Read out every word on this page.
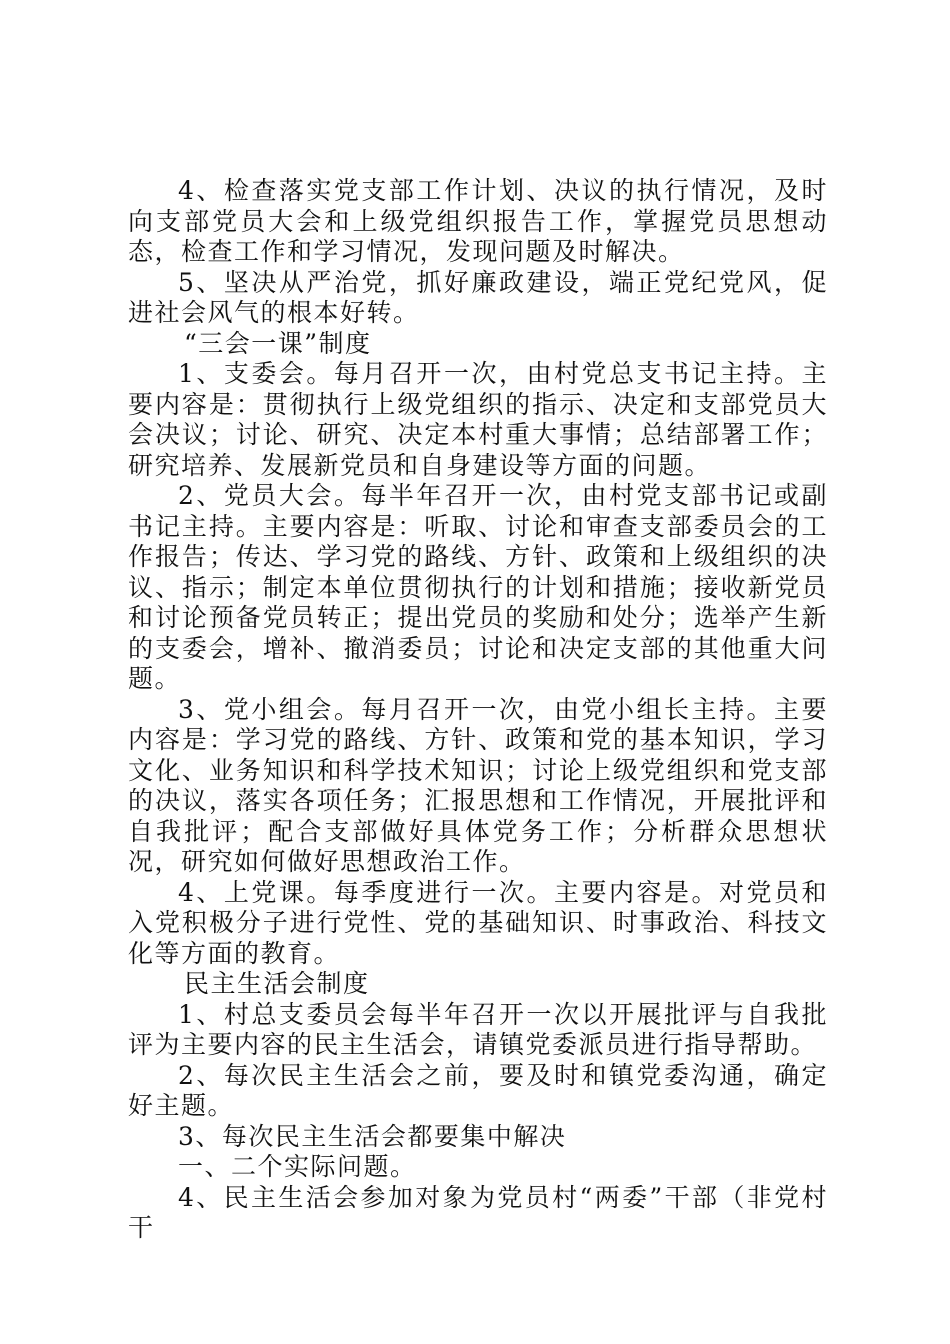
4、检查落实党支部工作计划、决议的执行情况，及时向支部党员大会和上级党组织报告工作，掌握党员思想动态，检查工作和学习情况，发现问题及时解决。

5、坚决从严治党，抓好廉政建设，端正党纪党风，促进社会风气的根本好转。

“三会一课”制度

1、支委会。每月召开一次，由村党总支书记主持。主要内容是：贯彻执行上级党组织的指示、决定和支部党员大会决议；讨论、研究、决定本村重大事情；总结部署工作；研究培养、发展新党员和自身建设等方面的问题。

2、党员大会。每半年召开一次，由村党支部书记或副书记主持。主要内容是：听取、讨论和审查支部委员会的工作报告；传达、学习党的路线、方针、政策和上级组织的决议、指示；制定本单位贯彻执行的计划和措施；接收新党员和讨论预备党员转正；提出党员的奖励和处分；选举产生新的支委会，增补、撤消委员；讨论和决定支部的其他重大问题。

3、党小组会。每月召开一次，由党小组长主持。主要内容是：学习党的路线、方针、政策和党的基本知识，学习文化、业务知识和科学技术知识；讨论上级党组织和党支部的决议，落实各项任务；汇报思想和工作情况，开展批评和自我批评；配合支部做好具体党务工作；分析群众思想状况，研究如何做好思想政治工作。

4、上党课。每季度进行一次。主要内容是。对党员和入党积极分子进行党性、党的基础知识、时事政治、科技文化等方面的教育。

民主生活会制度

1、村总支委员会每半年召开一次以开展批评与自我批评为主要内容的民主生活会，请镇党委派员进行指导帮助。

2、每次民主生活会之前，要及时和镇党委沟通，确定好主题。

3、每次民主生活会都要集中解决

一、二个实际问题。

4、民主生活会参加对象为党员村“两委”干部（非党村干
